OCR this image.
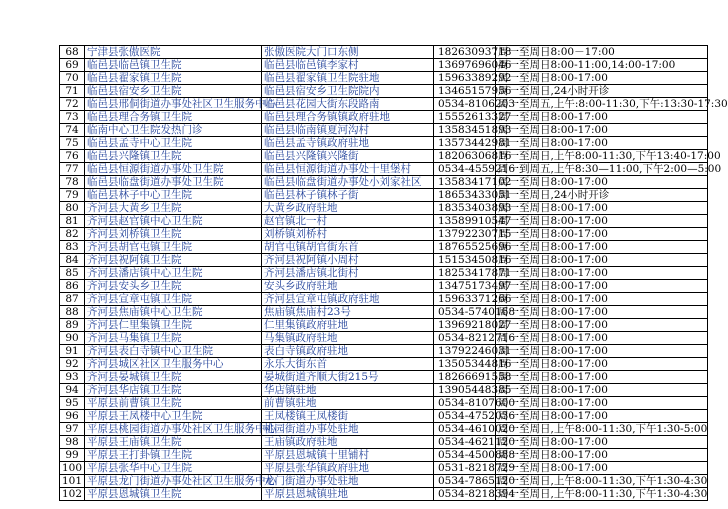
68	宁津县张傲医院	张傲医院大门口东侧	18263093718	周一至周日8:00－17:00
69	临邑县临邑镇卫生院	临邑县临邑镇李家村	13697696046	周一至周日8:00-11:00,14:00-17:00
70	临邑县翟家镇卫生院	临邑县翟家镇卫生院驻地	15963389292	周一至周日8:00-17:00
71	临邑县宿安乡卫生院	临邑县宿安乡卫生院院内	13465157956	周一至周日,24小时开诊
72	临邑县邢侗街道办事处社区卫生服务中心	临邑县花园大街东段路南	0534-8106203	周一至周五,上午:8:00-11:30,下午:13:30-17:30
73	临邑县理合务镇卫生院	临邑县理合务镇镇政府驻地	15552613327	周一至周日8:00-17:00
74	临南中心卫生院发热门诊	临邑县临南镇夏河沟村	13583451893	周一至周日8:00-17:00
75	临邑县孟寺中心卫生院	临邑县孟寺镇政府驻地	13573442981	周一至周日8:00-17:00
76	临邑县兴隆镇卫生院	临邑县兴隆镇兴隆街	18206306816	周一至周日,上午8:00-11:30,下午13:40-17:00
77	临邑县恒源街道办事处卫生院	临邑县恒源街道办事处十里堡村	0534-4559216	周一到周五,上午8:30—11:00,下午2:00—5:00
78	临邑县临盘街道办事处卫生院	临邑县临盘街道办事处小刘家社区	13583417102	周一至周日8:00-17:00
79	临邑县林子中心卫生院	临邑县林子镇林子街	18653433051	周一至周日,24小时开诊
80	齐河县大黄乡卫生院	大黄乡政府驻地	18353403893	周一至周日8:00-17:00
81	齐河县赵官镇中心卫生院	赵官镇北一村	13589910547	周一至周日8:00-17:00
82	齐河县刘桥镇卫生院	刘桥镇刘桥村	13792230715	周一至周日8:00-17:00
83	齐河县胡官屯镇卫生院	胡官屯镇胡官街东首	18765525696	周一至周日8:00-17:00
84	齐河县祝阿镇卫生院	齐河县祝阿镇小周村	15153450816	周一至周日8:00-17:00
85	齐河县潘店镇中心卫生院	齐河县潘店镇北街村	18253417871	周一至周日8:00-17:00
86	齐河县安头乡卫生院	安头乡政府驻地	13475173497	周一至周日8:00-17:00
87	齐河县宣章屯镇卫生院	齐河县宣章屯镇政府驻地	15963371266	周一至周日8:00-17:00
88	齐河县焦庙镇中心卫生院	焦庙镇焦庙村23号	0534-5740168	周一至周日8:00-17:00
89	齐河县仁里集镇卫生院	仁里集镇政府驻地	13969218027	周一至周日8:00-17:00
90	齐河县马集镇卫生院	马集镇政府驻地	0534-8212716	周一至周日8:00-17:00
91	齐河县表白寺镇中心卫生院	表白寺镇政府驻地	13792246031	周一至周日8:00-17:00
92	齐河县城区社区卫生服务中心	永乐大街东首	13505344816	周一至周日8:00-17:00
93	齐河县晏城镇卫生院	晏城街道齐顺大街215号	18266691558	周一至周日8:00-17:00
94	齐河县华店镇卫生院	华店镇驻地	13905448385	周一至周日8:00-17:00
95	平原县前曹镇卫生院	前曹镇驻地	0534-8107600	周一至周日8:00-17:00
96	平原县王凤楼中心卫生院	王凤楼镇王凤楼街	0534-4752036	周一至周日8:00-17:00
97	平原县桃园街道办事处社区卫生服务中心	桃园街道办事处驻地	0534-4610020	周一至周日,上午8:00-11:30,下午1:30-5:00
98	平原县王庙镇卫生院	王庙镇政府驻地	0534-4621120	周一至周日8:00-17:00
99	平原县王打卦镇卫生院	平原县恩城镇十里铺村	0534-4500888	周一至周日8:00-17:00
100	平原县张华中心卫生院	平原县张华镇政府驻地	0531-8218729	周一至周日8:00-17:00
101	平原县龙门街道办事处社区卫生服务中心	龙门街道办事处驻地	0534-7865120	周一至周日,上午8:00-11:30,下午1:30-4:30
102	平原县恩城镇卫生院	平原县恩城镇驻地	0534-8218394	周一至周日,上午8:00-11:30,下午1:30-4:30
